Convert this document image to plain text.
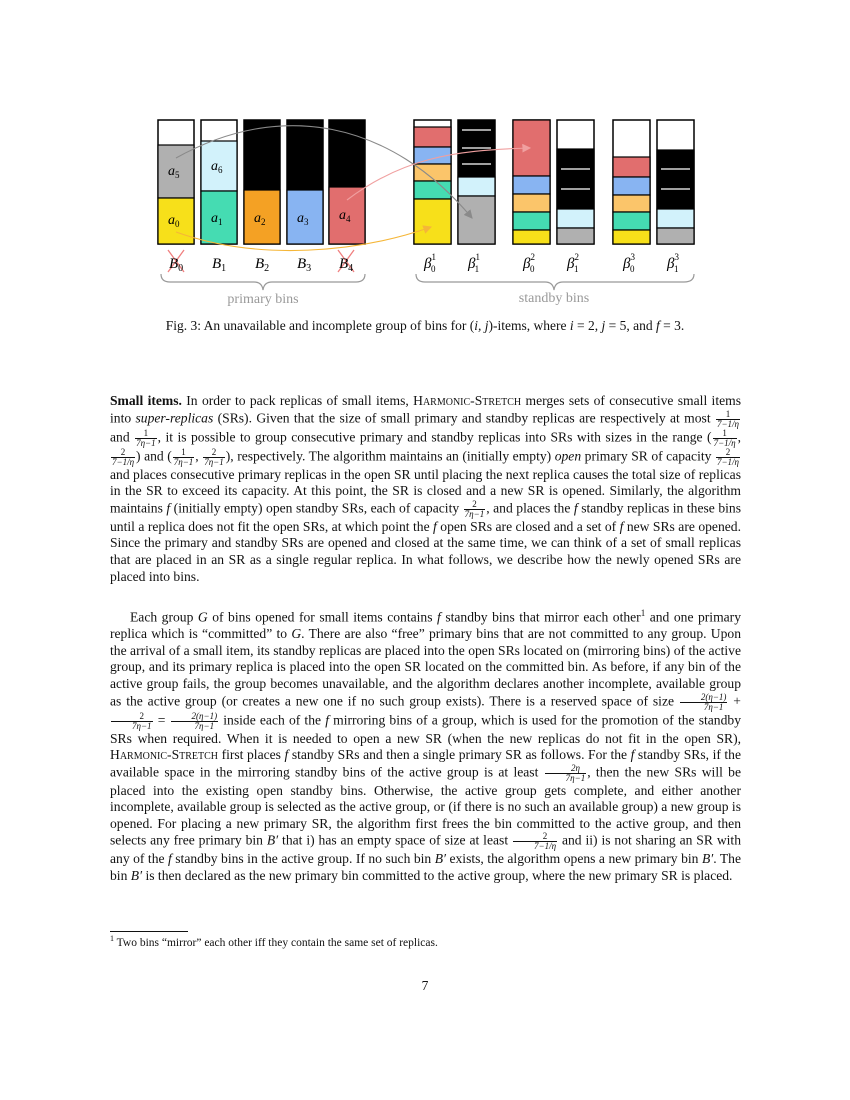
$a_5$
$a_6$
$a_0$ $a_1$ $a_2$ $a_3$ $a_4$
$B_0$ $B_1$ $B_2$ $B_3$ $B_4$	$\beta^1$ 0 $\beta^1$ 1	$\beta^2$ 0 $\beta^2$ 1	$\beta^3$ 0 $\beta^3$ 1
primary bins	standby bins
Fig. 3: An unavailable and incomplete group of bins for (i, j)-items, where i = 2, j = 5, and f = 3.

Small items. In order to pack replicas of small items, Harmonic-Stretch merges sets of consecutive small items into super-replicas (SRs). Given that the size of small primary and standby replicas are respectively at most $\frac{1}{7-1/\eta}$
and $\frac{1}{7\eta-1}$ , it is possible to group consecutive primary and standby replicas into SRs with sizes in the range ( $\frac{1}{7-1/\eta}$ ,
$\frac{2}{7-1/\eta}$ ) and ( $\frac{1}{7\eta-1}$ , $\frac{2}{7\eta-1}$ ), respectively. The algorithm maintains an (initially empty) open primary SR of capacity $\frac{2}{7-1/\eta}$
and places consecutive primary replicas in the open SR until placing the next replica causes the total size of replicas in the SR to exceed its capacity. At this point, the SR is closed and a new SR is opened. Similarly, the algorithm maintains f (initially empty) open standby SRs, each of capacity $\frac{2}{7\eta-1}$ , and places the f standby replicas in these bins until a replica does not fit the open SRs, at which point the f open SRs are closed and a set of f new SRs are opened. Since the primary and standby SRs are opened and closed at the same time, we can think of a set of small replicas that are placed in an SR as a single regular replica. In what follows, we describe how the newly opened SRs are placed into bins.

Each group G of bins opened for small items contains f standby bins that mirror each other$^1$ and one primary replica which is “committed” to G. There are also “free” primary bins that are not committed to any group. Upon the arrival of a small item, its standby replicas are placed into the open SRs located on (mirroring bins) of the active group, and its primary replica is placed into the open SR located on the committed bin. As before, if any bin of the active group fails, the group becomes unavailable, and the algorithm declares another incomplete, available group as the active group (or creates a new one if no such group exists). There is a reserved space of size $\frac{2(\eta-1)}{7\eta-1}$ +
$\frac{2}{7\eta-1} = \frac{2(\eta-1)}{7\eta-1}$ inside each of the f mirroring bins of a group, which is used for the promotion of the standby SRs when required. When it is needed to open a new SR (when the new replicas do not fit in the open SR), Harmonic-Stretch first places f standby SRs and then a single primary SR as follows. For the f standby SRs, if the available space in the mirroring standby bins of the active group is at least $\frac{2\eta}{7\eta-1}$ , then the new SRs will be placed into the existing open standby bins. Otherwise, the active group gets complete, and either another incomplete, available group is selected as the active group, or (if there is no such an available group) a new group is opened. For placing a new primary SR, the algorithm first frees the bin committed to the active group, and then selects any free primary bin B′ that i) has an empty space of size at least $\frac{2}{7-1/\eta}$ and ii) is not sharing an SR with any of the f standby bins in the active group. If no such bin B′ exists, the algorithm opens a new primary bin B′. The bin B′ is then declared as the new primary bin committed to the active group, where the new primary SR is placed.

$^1$ Two bins “mirror” each other iff they contain the same set of replicas.
7
